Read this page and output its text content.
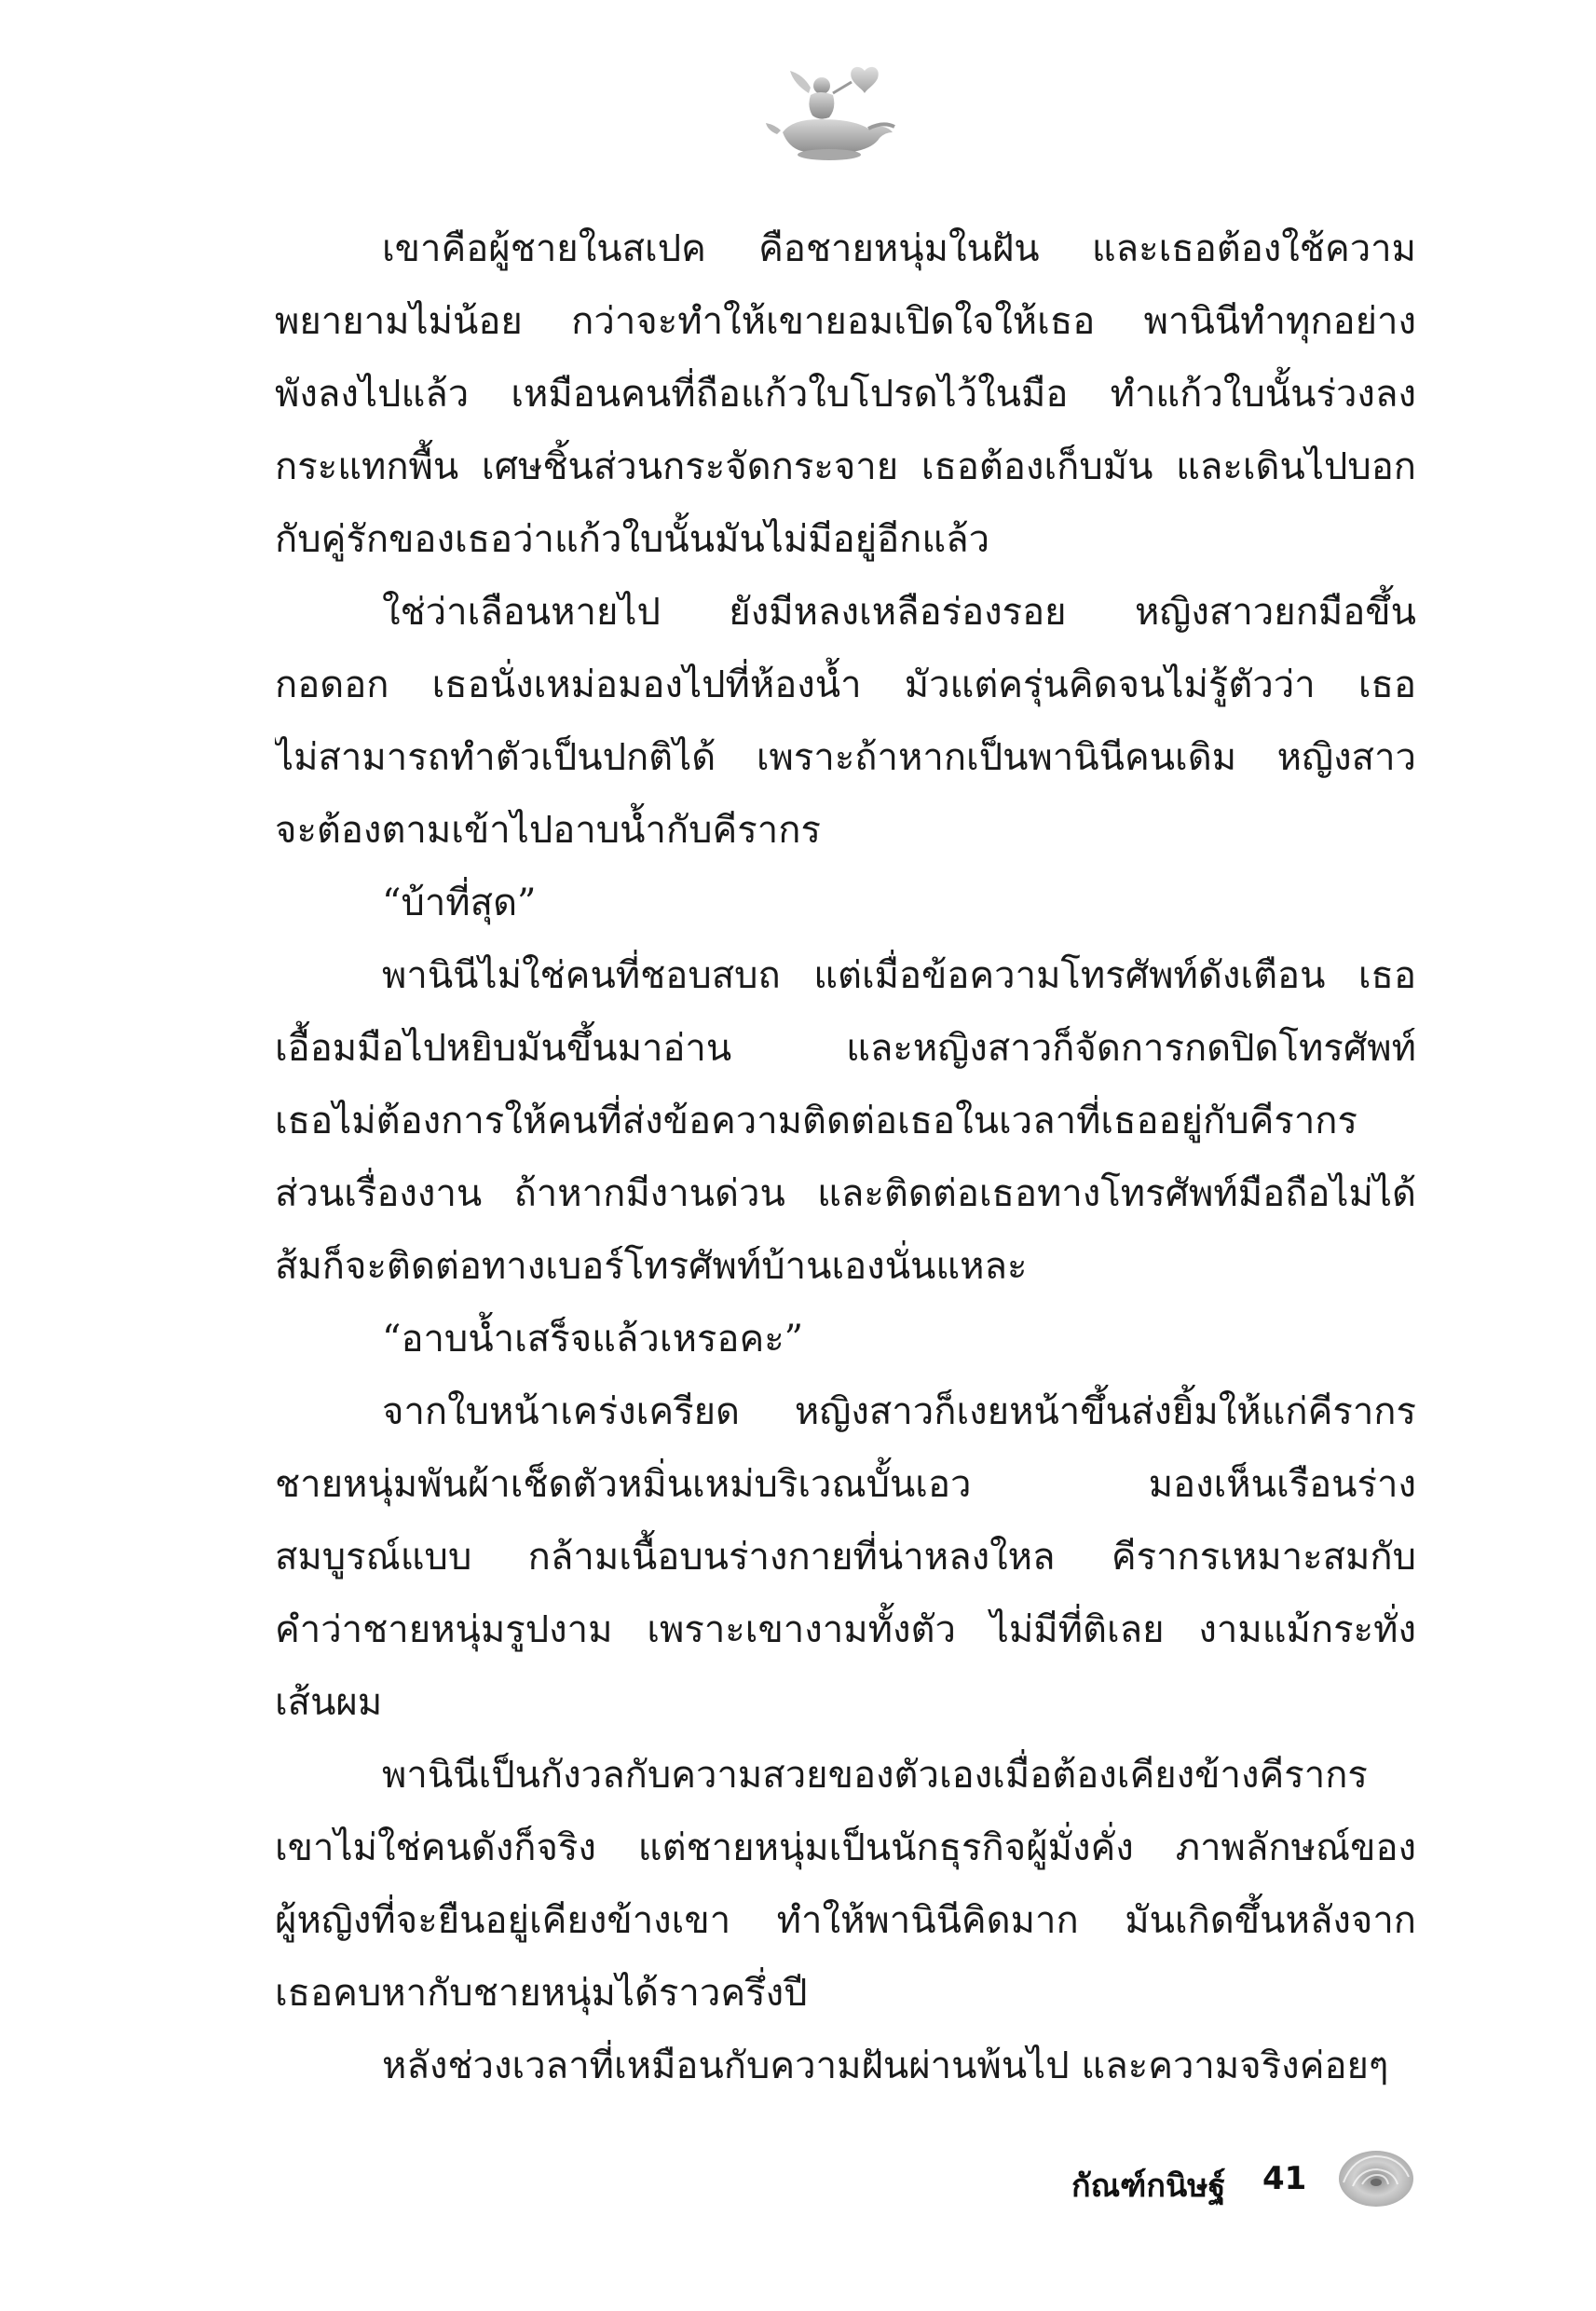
เขาคือผู้ชายในสเปค คือชายหนุ่มในฝัน และเธอต้องใช้ความ
พยายามไม่น้อย กว่าจะทำให้เขายอมเปิดใจให้เธอ พานินีทำทุกอย่าง
พังลงไปแล้ว เหมือนคนที่ถือแก้วใบโปรดไว้ในมือ ทำแก้วใบนั้นร่วงลง
กระแทกพื้น เศษชิ้นส่วนกระจัดกระจาย เธอต้องเก็บมัน และเดินไปบอก
กับคู่รักของเธอว่าแก้วใบนั้นมันไม่มีอยู่อีกแล้ว
ใช่ว่าเลือนหายไป ยังมีหลงเหลือร่องรอย หญิงสาวยกมือขึ้น
กอดอก เธอนั่งเหม่อมองไปที่ห้องน้ำ มัวแต่ครุ่นคิดจนไม่รู้ตัวว่า เธอ
ไม่สามารถทำตัวเป็นปกติได้ เพราะถ้าหากเป็นพานินีคนเดิม หญิงสาว
จะต้องตามเข้าไปอาบน้ำกับคีรากร
“บ้าที่สุด”
พานินีไม่ใช่คนที่ชอบสบถ แต่เมื่อข้อความโทรศัพท์ดังเตือน เธอ
เอื้อมมือไปหยิบมันขึ้นมาอ่าน และหญิงสาวก็จัดการกดปิดโทรศัพท์
เธอไม่ต้องการให้คนที่ส่งข้อความติดต่อเธอในเวลาที่เธออยู่กับคีรากร
ส่วนเรื่องงาน ถ้าหากมีงานด่วน และติดต่อเธอทางโทรศัพท์มือถือไม่ได้
ส้มก็จะติดต่อทางเบอร์โทรศัพท์บ้านเองนั่นแหละ
“อาบน้ำเสร็จแล้วเหรอคะ”
จากใบหน้าเคร่งเครียด หญิงสาวก็เงยหน้าขึ้นส่งยิ้มให้แก่คีรากร
ชายหนุ่มพันผ้าเช็ดตัวหมิ่นเหม่บริเวณบั้นเอว มองเห็นเรือนร่าง
สมบูรณ์แบบ กล้ามเนื้อบนร่างกายที่น่าหลงใหล คีรากรเหมาะสมกับ
คำว่าชายหนุ่มรูปงาม เพราะเขางามทั้งตัว ไม่มีที่ติเลย งามแม้กระทั่ง
เส้นผม
พานินีเป็นกังวลกับความสวยของตัวเองเมื่อต้องเคียงข้างคีรากร
เขาไม่ใช่คนดังก็จริง แต่ชายหนุ่มเป็นนักธุรกิจผู้มั่งคั่ง ภาพลักษณ์ของ
ผู้หญิงที่จะยืนอยู่เคียงข้างเขา ทำให้พานินีคิดมาก มันเกิดขึ้นหลังจาก
เธอคบหากับชายหนุ่มได้ราวครึ่งปี
หลังช่วงเวลาที่เหมือนกับความฝันผ่านพ้นไป และความจริงค่อยๆ
กัณฑ์กนิษฐ์ 41
